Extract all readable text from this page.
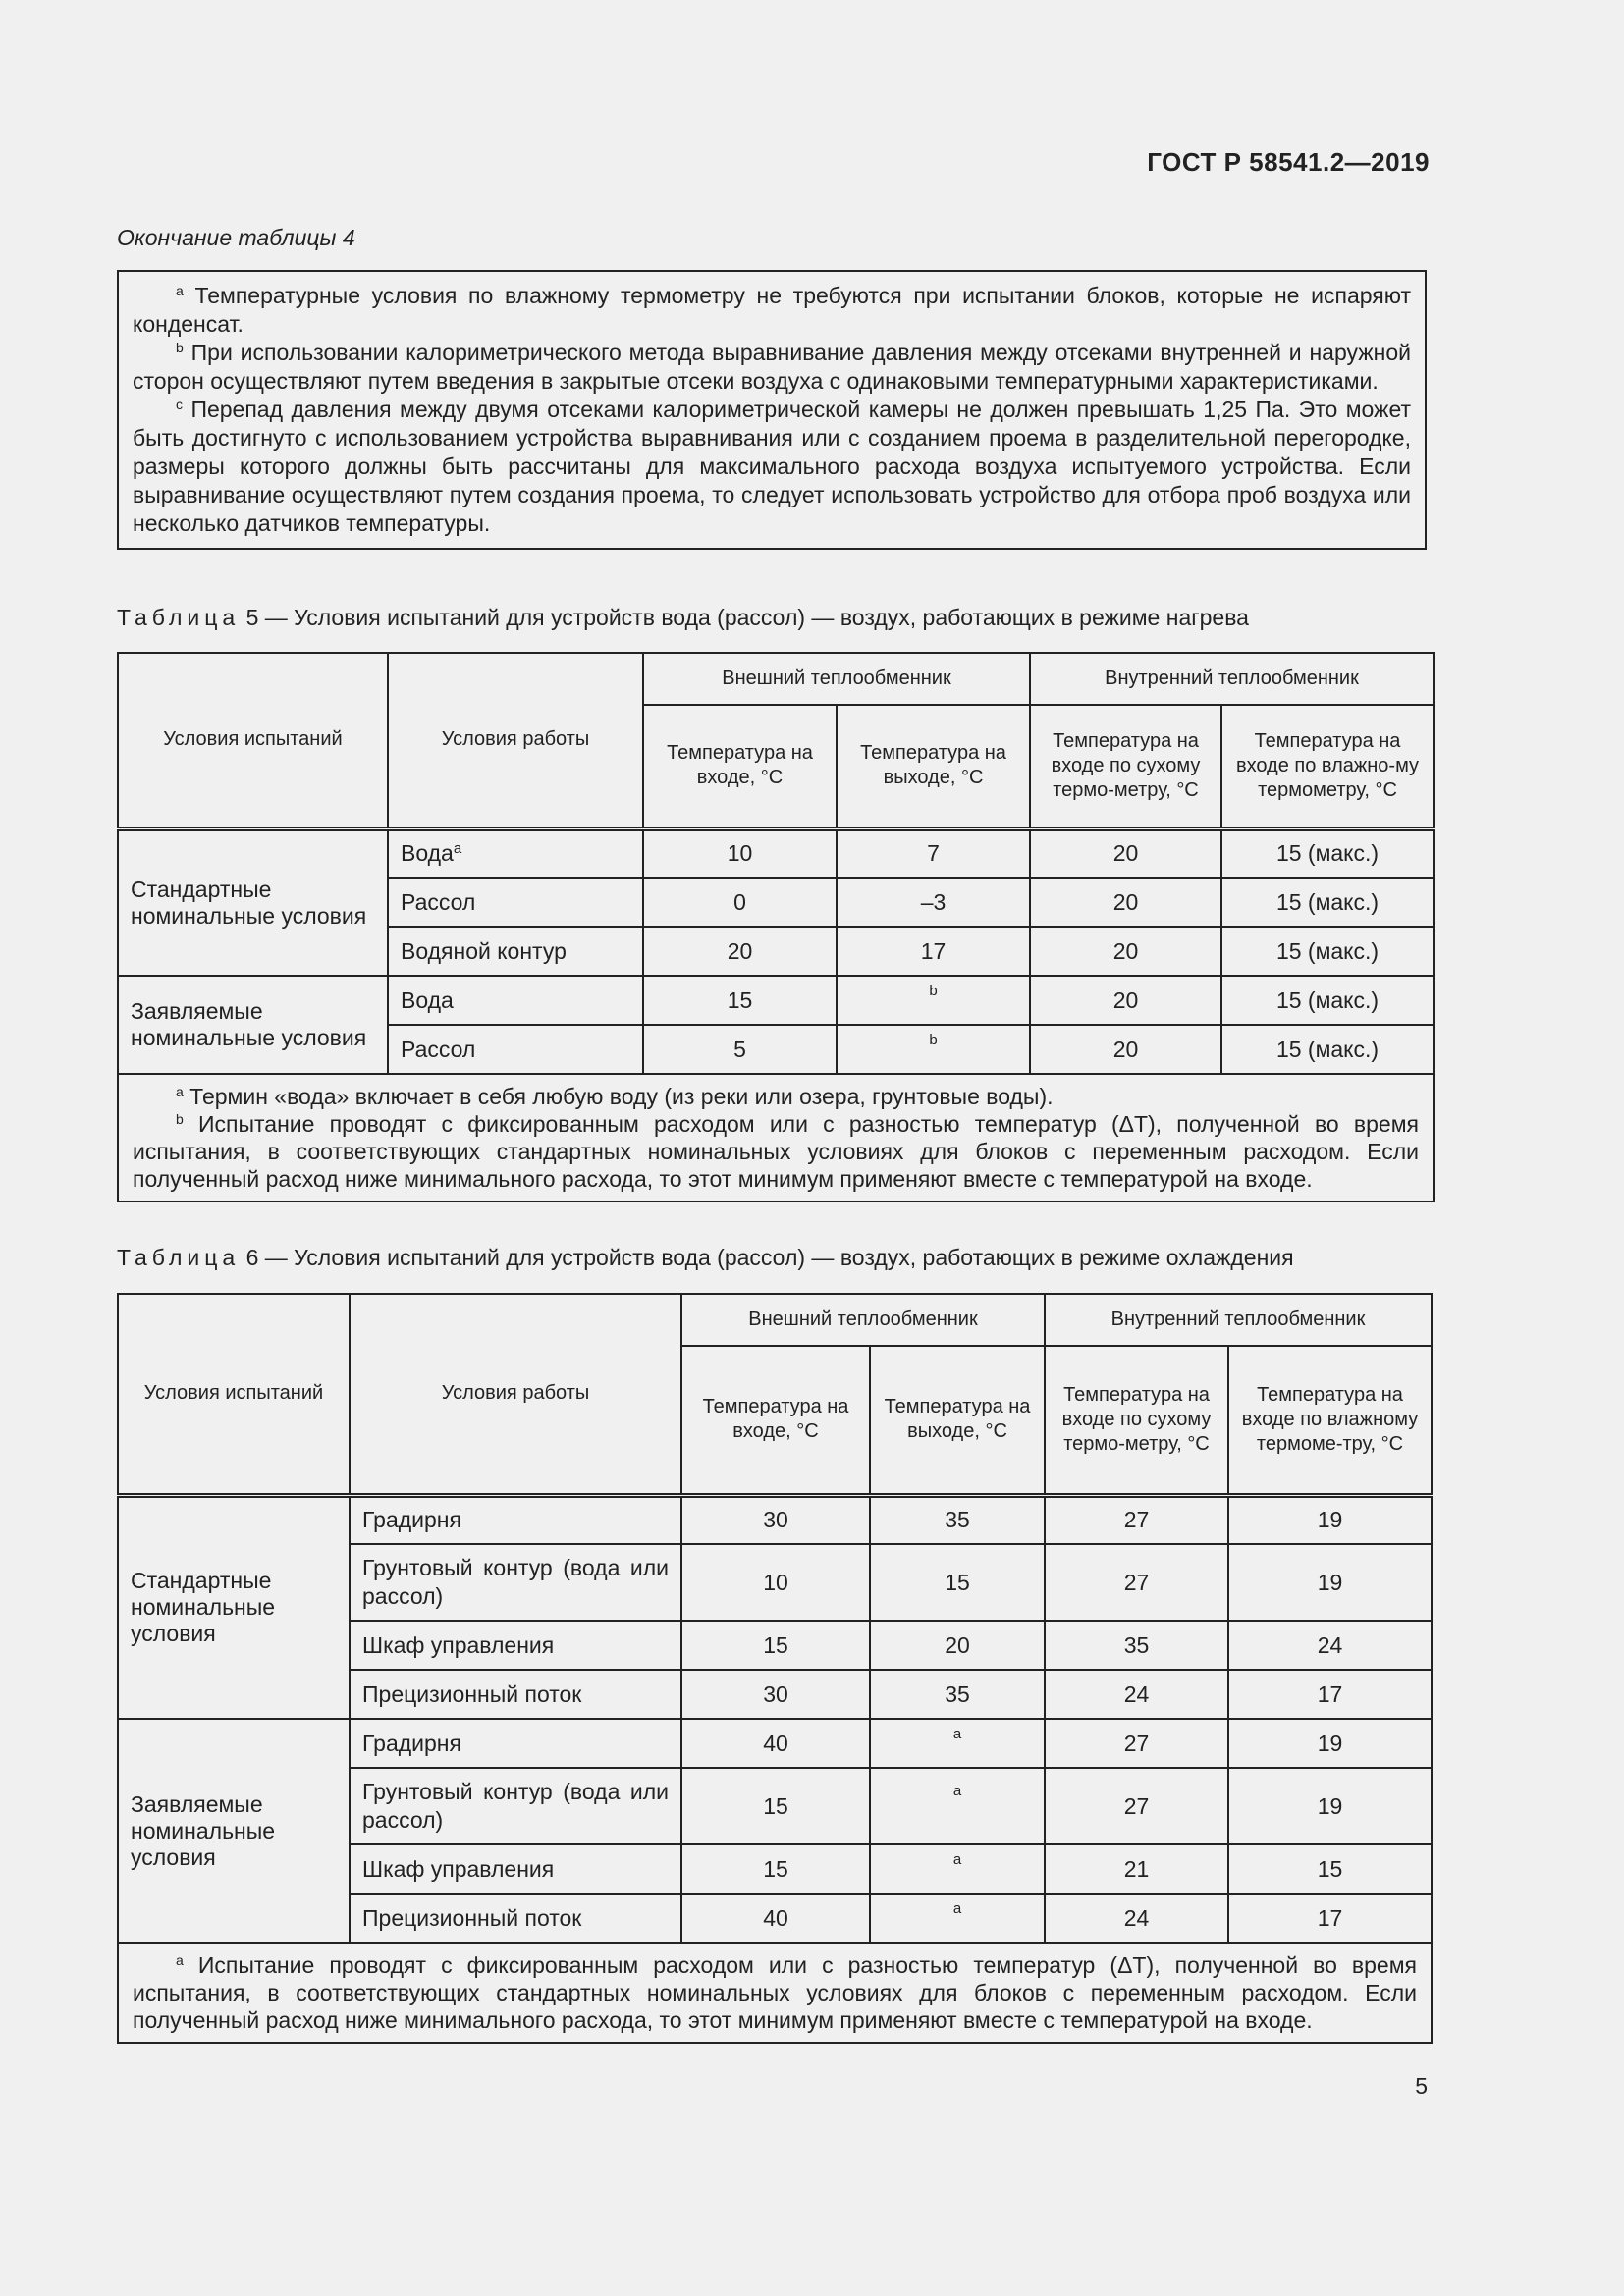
ГОСТ Р 58541.2—2019
Окончание таблицы 4

$^a$ Температурные условия по влажному термометру не требуются при испытании блоков, которые не испаряют конденсат.

$^b$ При использовании калориметрического метода выравнивание давления между отсеками внутренней и наружной сторон осуществляют путем введения в закрытые отсеки воздуха с одинаковыми температурными характеристиками.

$^c$ Перепад давления между двумя отсеками калориметрической камеры не должен превышать 1,25 Па. Это может быть достигнуто с использованием устройства выравнивания или с созданием проема в разделительной перегородке, размеры которого должны быть рассчитаны для максимального расхода воздуха испытуемого устройства. Если выравнивание осуществляют путем создания проема, то следует использовать устройство для отбора проб воздуха или несколько датчиков температуры.

Таблица 5 — Условия испытаний для устройств вода (рассол) — воздух, работающих в режиме нагрева
Условия испытаний	Условия работы	Внешний теплообменник		Внутренний теплообменник	
		Температура на входе, °C	Температура на выходе, °C	Температура на входе по сухому термо-метру, °C	Температура на входе по влажно-му термометру, °C

Стандартные номинальные условия	Вода$^a$	10	7	20	15 (макс.)
	Рассол	0	–3	20	15 (макс.)
	Водяной контур	20	17	20	15 (макс.)

Заявляемые номинальные условия	Вода	15	$^b$	20	15 (макс.)
	Рассол	5	$^b$	20	15 (макс.)

$^a$ Термин «вода» включает в себя любую воду (из реки или озера, грунтовые воды).

$^b$ Испытание проводят с фиксированным расходом или с разностью температур (ΔT), полученной во время испытания, в соответствующих стандартных номинальных условиях для блоков с переменным расходом. Если полученный расход ниже минимального расхода, то этот минимум применяют вместе с температурой на входе.					

Таблица 6 — Условия испытаний для устройств вода (рассол) — воздух, работающих в режиме охлаждения
Условия испытаний	Условия работы	Внешний теплообменник		Внутренний теплообменник	
		Температура на входе, °C	Температура на выходе, °C	Температура на входе по сухому термо-метру, °C	Температура на входе по влажному термоме-тру, °C

Стандартные номинальные условия	Градирня	30	35	27	19

	Грунтовый контур (вода или рассол)	10	15	27	19
	Шкаф управления	15	20	35	24
	Прецизионный поток	30	35	24	17

Заявляемые номинальные условия	Градирня	40	$^a$	27	19

	Грунтовый контур (вода или рассол)	15	$^a$	27	19
	Шкаф управления	15	$^a$	21	15
	Прецизионный поток	40	$^a$	24	17

$^a$ Испытание проводят с фиксированным расходом или с разностью температур (ΔT), полученной во время испытания, в соответствующих стандартных номинальных условиях для блоков с переменным расходом. Если полученный расход ниже минимального расхода, то этот минимум применяют вместе с температурой на входе.					

5
